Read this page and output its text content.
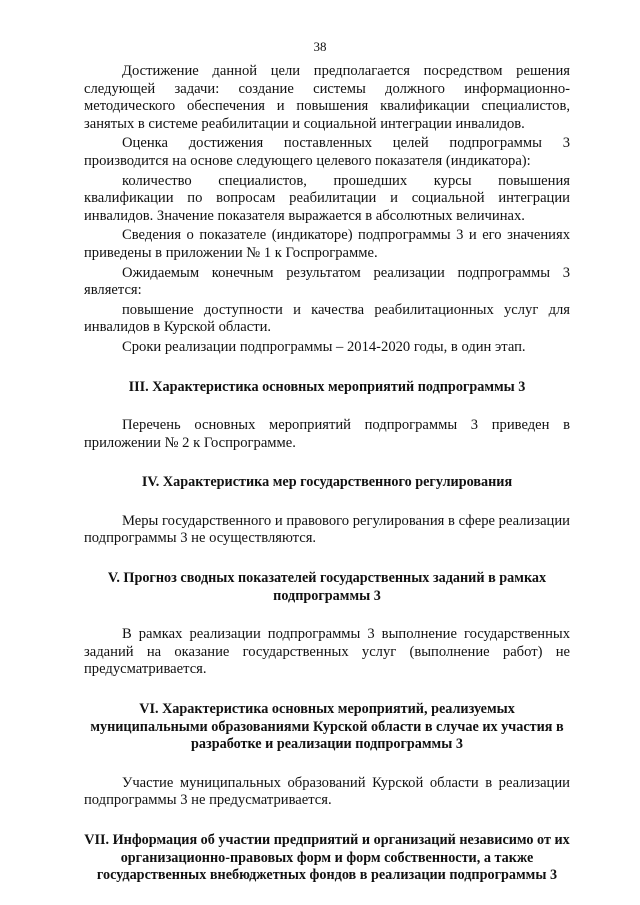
38

Достижение данной цели предполагается посредством решения следующей задачи: создание системы должного информационно-методического обеспечения и повышения квалификации специалистов, занятых в системе реабилитации и социальной интеграции инвалидов.

Оценка достижения поставленных целей подпрограммы 3 производится на основе следующего целевого показателя (индикатора):

количество специалистов, прошедших курсы повышения квалификации по вопросам реабилитации и социальной интеграции инвалидов. Значение показателя выражается в абсолютных величинах.

Сведения о показателе (индикаторе) подпрограммы 3 и его значениях приведены в приложении № 1 к Госпрограмме.

Ожидаемым конечным результатом реализации подпрограммы 3 является:

повышение доступности и качества реабилитационных услуг для инвалидов в Курской области.

Сроки реализации подпрограммы – 2014-2020 годы, в один этап.

III. Характеристика основных мероприятий подпрограммы 3

Перечень основных мероприятий подпрограммы 3 приведен в приложении № 2 к Госпрограмме.

IV. Характеристика мер государственного регулирования

Меры государственного и правового регулирования в сфере реализации подпрограммы 3 не осуществляются.

V. Прогноз сводных показателей государственных заданий в рамках подпрограммы 3

В рамках реализации подпрограммы 3 выполнение государственных заданий на оказание государственных услуг (выполнение работ) не предусматривается.

VI. Характеристика основных мероприятий, реализуемых муниципальными образованиями Курской области в случае их участия в разработке и реализации подпрограммы 3

Участие муниципальных образований Курской области в реализации подпрограммы 3 не предусматривается.

VII. Информация об участии предприятий и организаций независимо от их организационно-правовых форм и форм собственности, а также государственных внебюджетных фондов в реализации подпрограммы 3
